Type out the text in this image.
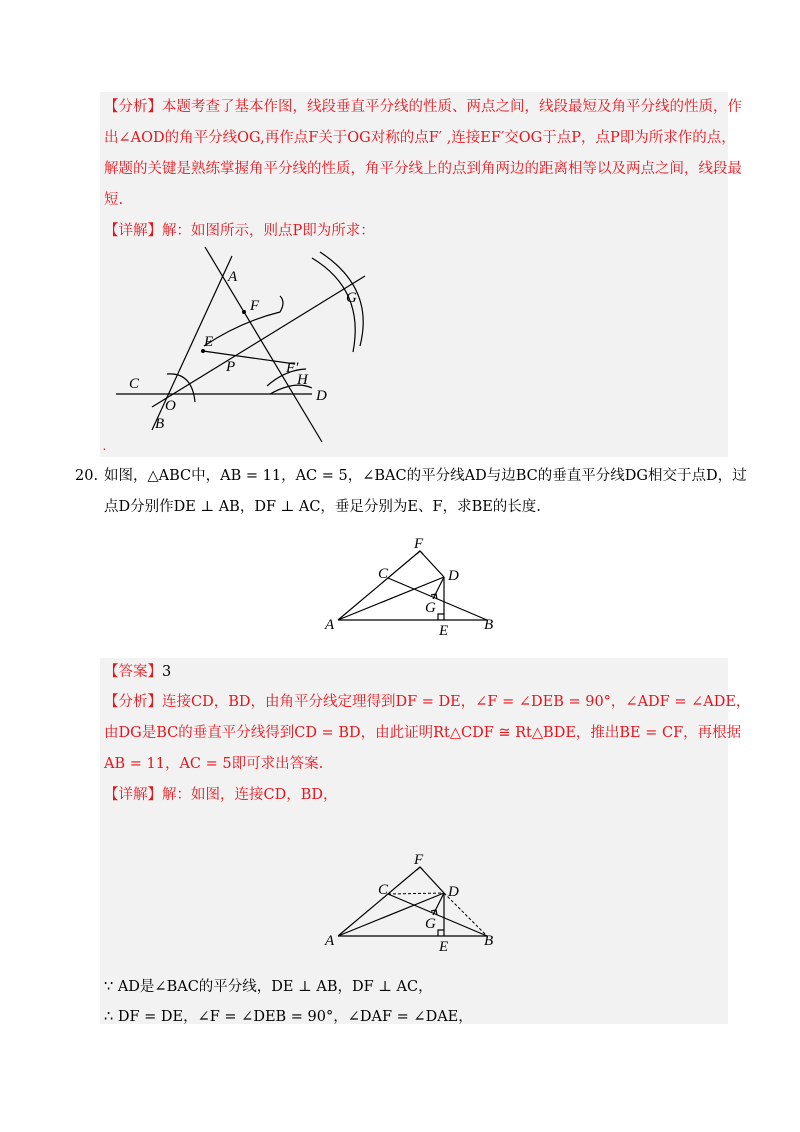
【分析】本题考查了基本作图，线段垂直平分线的性质、两点之间，线段最短及角平分线的性质，作
出∠AOD的角平分线OG,再作点F关于OG对称的点F′ ,连接EF′交OG于点P，点P即为所求作的点，
解题的关键是熟练掌握角平分线的性质，角平分线上的点到角两边的距离相等以及两点之间，线段最
短.
【详解】解：如图所示，则点P即为所求：
A
F	G
E
P	F′
H
C
O
D
B
.
20. 如图，△ABC中，AB = 11，AC = 5，∠BAC的平分线AD与边BC的垂直平分线DG相交于点D，过
点D分别作DE ⊥ AB，DF ⊥ AC，垂足分别为E、F，求BE的长度.
F
C	D
G
A	E B
【答案】3
【分析】连接CD，BD，由角平分线定理得到DF = DE，∠F = ∠DEB = 90°，∠ADF = ∠ADE，
由DG是BC的垂直平分线得到CD = BD，由此证明Rt△CDF ≅ Rt△BDE，推出BE = CF，再根据
AB = 11，AC = 5即可求出答案.
【详解】解：如图，连接CD，BD，
F
C	D
G
A	E B
∵ AD是∠BAC的平分线，DE ⊥ AB，DF ⊥ AC，
∴ DF = DE，∠F = ∠DEB = 90°，∠DAF = ∠DAE，
